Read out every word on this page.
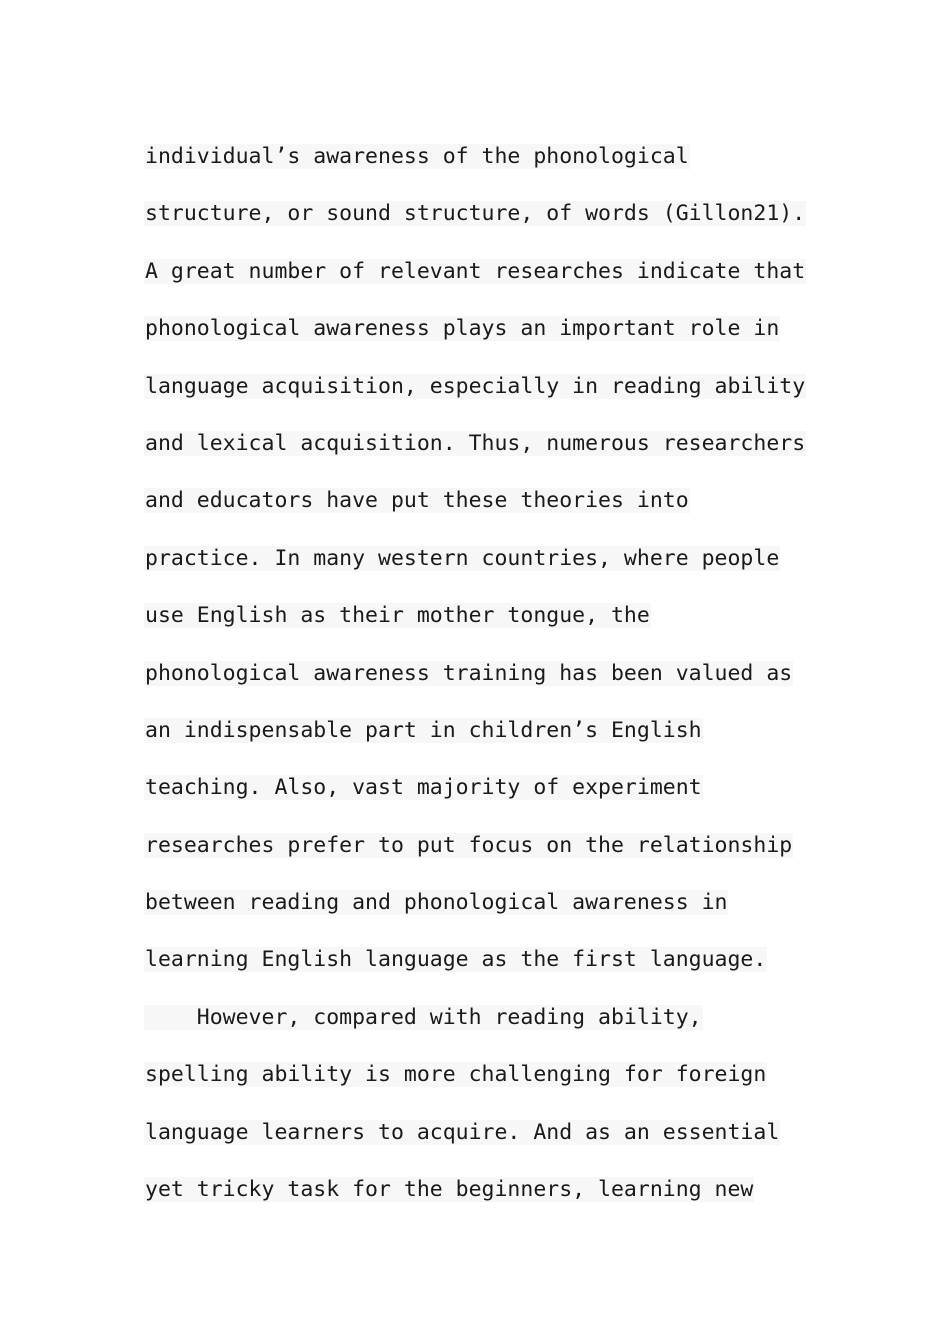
individual’s awareness of the phonological
structure, or sound structure, of words (Gillon21).
A great number of relevant researches indicate that
phonological awareness plays an important role in
language acquisition, especially in reading ability
and lexical acquisition. Thus, numerous researchers
and educators have put these theories into
practice. In many western countries, where people
use English as their mother tongue, the
phonological awareness training has been valued as
an indispensable part in children’s English
teaching. Also, vast majority of experiment
researches prefer to put focus on the relationship
between reading and phonological awareness in
learning English language as the first language.
However, compared with reading ability,
spelling ability is more challenging for foreign
language learners to acquire. And as an essential
yet tricky task for the beginners, learning new
